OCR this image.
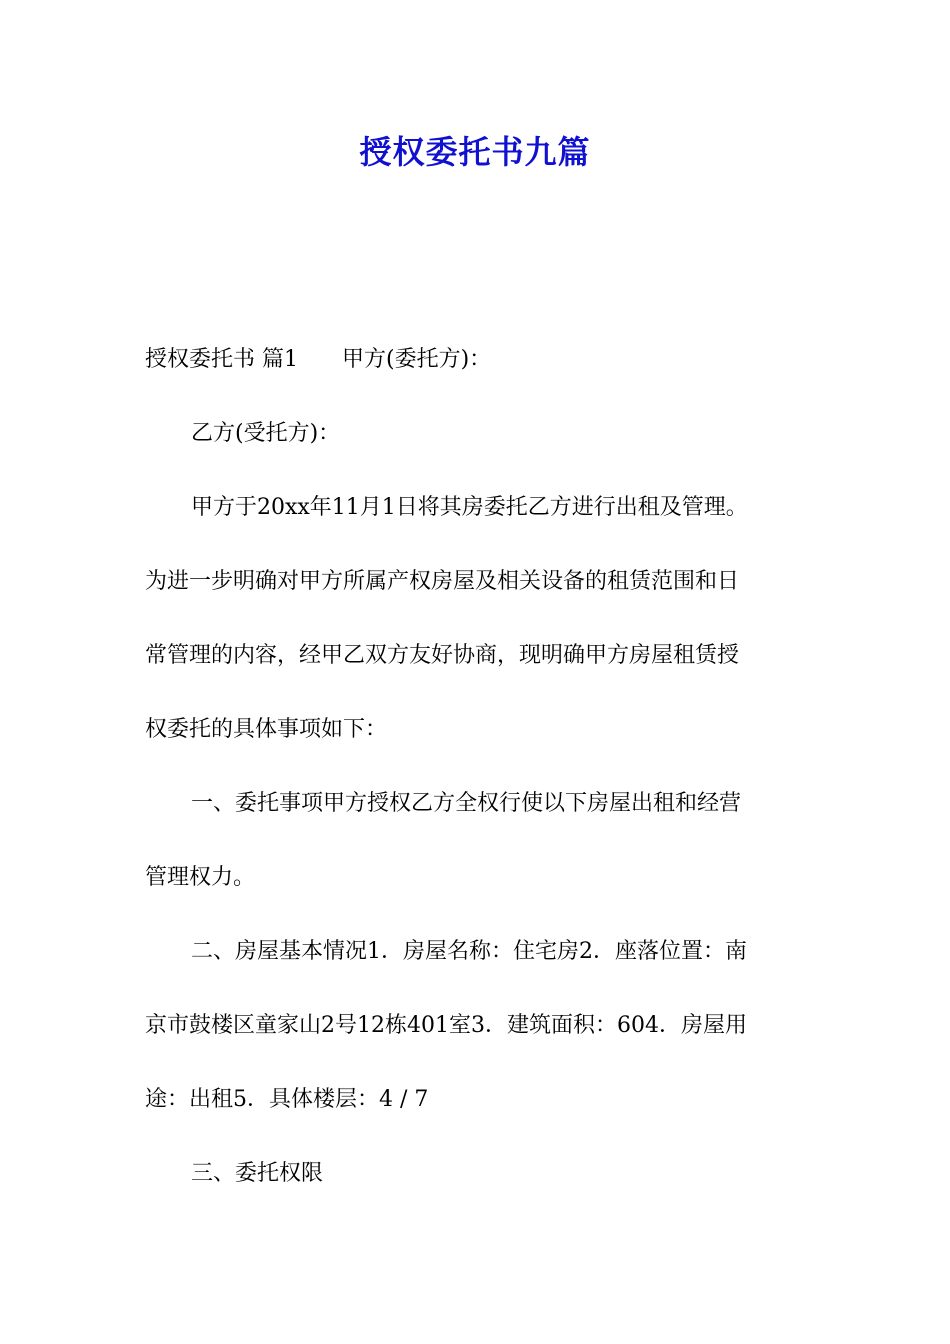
授权委托书九篇
授权委托书 篇1 甲方(委托方)：
乙方(受托方)：
甲方于20xx年11月1日将其房委托乙方进行出租及管理。
为进一步明确对甲方所属产权房屋及相关设备的租赁范围和日
常管理的内容，经甲乙双方友好协商，现明确甲方房屋租赁授
权委托的具体事项如下：
一、委托事项甲方授权乙方全权行使以下房屋出租和经营
管理权力。
二、房屋基本情况1．房屋名称：住宅房2．座落位置：南
京市鼓楼区童家山2号12栋401室3．建筑面积：604．房屋用
途：出租5．具体楼层：4 / 7
三、委托权限
